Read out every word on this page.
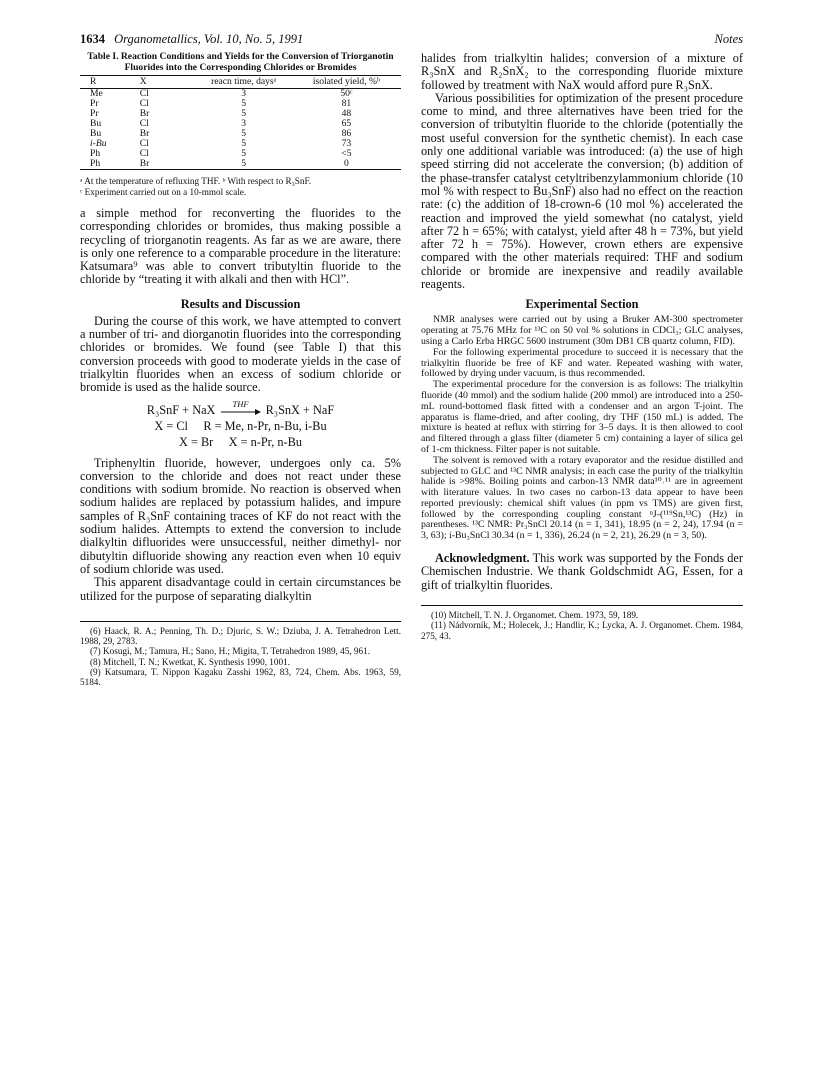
1634 Organometallics, Vol. 10, No. 5, 1991	Notes

Table I. Reaction Conditions and Yields for the Conversion of Triorganotin Fluorides into the Corresponding Chlorides or Bromides

R	X	reacn time, daysᵃ	isolated yield, %ᵇ
Me	Cl	3	50ᶜ
Pr	Cl	5	81
Pr	Br	5	48
Bu	Cl	3	65
Bu	Br	5	86
i-Bu	Cl	5	73
Ph	Cl	5	<5
Ph	Br	5	0

ᵃ At the temperature of refluxing THF. ᵇ With respect to R₃SnF.

ᶜ Experiment carried out on a 10-mmol scale.

a simple method for reconverting the fluorides to the corresponding chlorides or bromides, thus making possible a recycling of triorganotin reagents. As far as we are aware, there is only one reference to a comparable procedure in the literature: Katsumara⁹ was able to convert tributyltin fluoride to the chloride by “treating it with alkali and then with HCl”.

Results and Discussion

During the course of this work, we have attempted to convert a number of tri- and diorganotin fluorides into the corresponding chlorides or bromides. We found (see Table I) that this conversion proceeds with good to moderate yields in the case of trialkyltin fluorides when an excess of sodium chloride or bromide is used as the halide source.

R₃SnF + NaX	THF	R₃SnX + NaF

X = Cl     R = Me, n-Pr, n-Bu, i-Bu

X = Br     X = n-Pr, n-Bu

Triphenyltin fluoride, however, undergoes only ca. 5% conversion to the chloride and does not react under these conditions with sodium bromide. No reaction is observed when sodium halides are replaced by potassium halides, and impure samples of R₃SnF containing traces of KF do not react with the sodium halides. Attempts to extend the conversion to include dialkyltin difluorides were unsuccessful, neither dimethyl- nor dibutyltin difluoride showing any reaction even when 10 equiv of sodium chloride was used.

This apparent disadvantage could in certain circumstances be utilized for the purpose of separating dialkyltin

(6) Haack, R. A.; Penning, Th. D.; Djuric, S. W.; Dziuba, J. A. Tetrahedron Lett. 1988, 29, 2783.

(7) Kosugi, M.; Tamura, H.; Sano, H.; Migita, T. Tetrahedron 1989, 45, 961.

(8) Mitchell, T. N.; Kwetkat, K. Synthesis 1990, 1001.

(9) Katsumara, T. Nippon Kagaku Zasshi 1962, 83, 724, Chem. Abs. 1963, 59, 5184.

halides from trialkyltin halides; conversion of a mixture of R₃SnX and R₂SnX₂ to the corresponding fluoride mixture followed by treatment with NaX would afford pure R₃SnX.

Various possibilities for optimization of the present procedure come to mind, and three alternatives have been tried for the conversion of tributyltin fluoride to the chloride (potentially the most useful conversion for the synthetic chemist). In each case only one additional variable was introduced: (a) the use of high speed stirring did not accelerate the conversion; (b) addition of the phase-transfer catalyst cetyltribenzylammonium chloride (10 mol % with respect to Bu₃SnF) also had no effect on the reaction rate: (c) the addition of 18-crown-6 (10 mol %) accelerated the reaction and improved the yield somewhat (no catalyst, yield after 72 h = 65%; with catalyst, yield after 48 h = 73%, but yield after 72 h = 75%). However, crown ethers are expensive compared with the other materials required: THF and sodium chloride or bromide are inexpensive and readily available reagents.

Experimental Section

NMR analyses were carried out by using a Bruker AM-300 spectrometer operating at 75.76 MHz for ¹³C on 50 vol % solutions in CDCl₃; GLC analyses, using a Carlo Erba HRGC 5600 instrument (30m DB1 CB quartz column, FID).

For the following experimental procedure to succeed it is necessary that the trialkyltin fluoride be free of KF and water. Repeated washing with water, followed by drying under vacuum, is thus recommended.

The experimental procedure for the conversion is as follows: The trialkyltin fluoride (40 mmol) and the sodium halide (200 mmol) are introduced into a 250-mL round-bottomed flask fitted with a condenser and an argon T-joint. The apparatus is flame-dried, and after cooling, dry THF (150 mL) is added. The mixture is heated at reflux with stirring for 3–5 days. It is then allowed to cool and filtered through a glass filter (diameter 5 cm) containing a layer of silica gel of 1-cm thickness. Filter paper is not suitable.

The solvent is removed with a rotary evaporator and the residue distilled and subjected to GLC and ¹³C NMR analysis; in each case the purity of the trialkyltin halide is >98%. Boiling points and carbon-13 NMR data¹⁰˒¹¹ are in agreement with literature values. In two cases no carbon-13 data appear to have been reported previously: chemical shift values (in ppm vs TMS) are given first, followed by the corresponding coupling constant ⁿJ-(¹¹⁹Sn,¹³C) (Hz) in parentheses. ¹³C NMR: Pr₃SnCl 20.14 (n = 1, 341), 18.95 (n = 2, 24), 17.94 (n = 3, 63); i-Bu₃SnCl 30.34 (n = 1, 336), 26.24 (n = 2, 21), 26.29 (n = 3, 50).

Acknowledgment. This work was supported by the Fonds der Chemischen Industrie. We thank Goldschmidt AG, Essen, for a gift of trialkyltin fluorides.

(10) Mitchell, T. N. J. Organomet. Chem. 1973, 59, 189.

(11) Nádvorník, M.; Holecek, J.; Handlir, K.; Lycka, A. J. Organomet. Chem. 1984, 275, 43.
